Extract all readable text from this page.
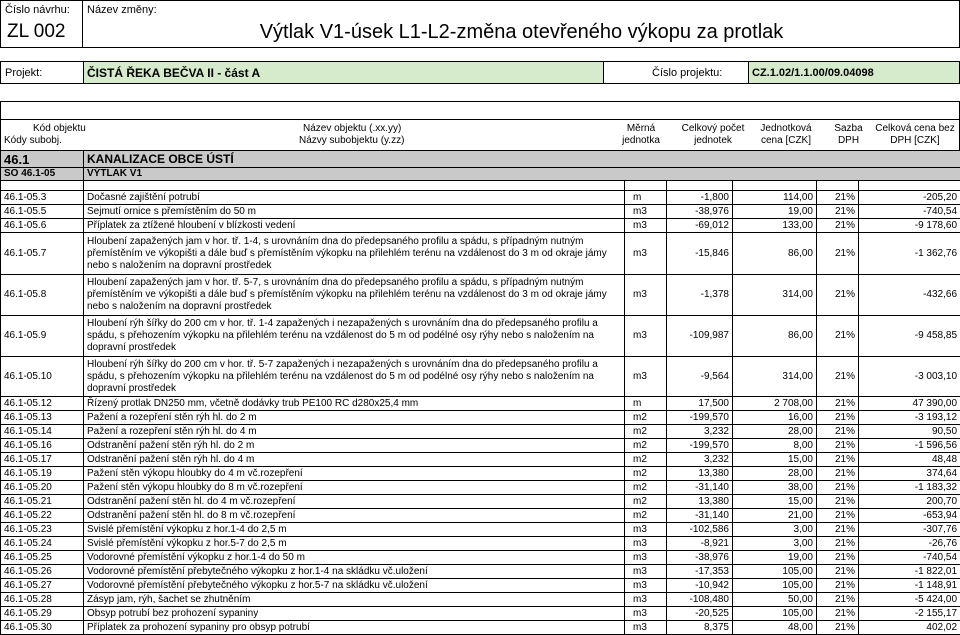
Číslo návrhu:
ZL 002
Název změny:
Výtlak V1-úsek L1-L2-změna otevřeného výkopu za protlak
Projekt:	ČISTÁ ŘEKA BEČVA II - část A	Číslo projektu:	CZ.1.02/1.1.00/09.04098
Kód objektu
Kódy subobj.
Název objektu (.xx.yy)
Názvy subobjektu (y.zz)
Měrná
jednotka
Celkový počet
jednotek
Jednotková
cena [CZK]
Sazba
DPH
Celková cena bez
DPH [CZK]
46.1	KANALIZACE OBCE ÚSTÍ					
SO 46.1-05	VÝTLAK V1					

46.1-05.3	Dočasné zajištění potrubí	m	-1,800	114,00	21%	-205,20
46.1-05.5	Sejmutí ornice s přemístěním do 50 m	m3	-38,976	19,00	21%	-740,54
46.1-05.6	Příplatek za ztížené hloubení v blízkosti vedení	m3	-69,012	133,00	21%	-9 178,60
46.1-05.7	Hloubení zapažených jam v hor. tř. 1-4, s urovnáním dna do předepsaného profilu a spádu, s případným nutným přemístěním ve výkopišti a dále buď s přemístěním výkopku na přilehlém terénu na vzdálenost do 3 m od okraje jámy nebo s naložením na dopravní prostředek	m3	-15,846	86,00	21%	-1 362,76
46.1-05.8	Hloubení zapažených jam v hor. tř. 5-7, s urovnáním dna do předepsaného profilu a spádu, s případným nutným přemístěním ve výkopišti a dále buď s přemístěním výkopku na přilehlém terénu na vzdálenost do 3 m od okraje jámy nebo s naložením na dopravní prostředek	m3	-1,378	314,00	21%	-432,66
46.1-05.9	Hloubení rýh šířky do 200 cm v hor. tř. 1-4 zapažených i nezapažených s urovnáním dna do předepsaného profilu a spádu, s přehozením výkopku na přilehlém terénu na vzdálenost do 5 m od podélné osy rýhy nebo s naložením na dopravní prostředek	m3	-109,987	86,00	21%	-9 458,85
46.1-05.10	Hloubení rýh šířky do 200 cm v hor. tř. 5-7 zapažených i nezapažených s urovnáním dna do předepsaného profilu a spádu, s přehozením výkopku na přilehlém terénu na vzdálenost do 5 m od podélné osy rýhy nebo s naložením na dopravní prostředek	m3	-9,564	314,00	21%	-3 003,10
46.1-05.12	Řízený protlak DN250 mm, včetně dodávky trub PE100 RC d280x25,4 mm	m	17,500	2 708,00	21%	47 390,00
46.1-05.13	Pažení a rozepření stěn rýh hl. do 2 m	m2	-199,570	16,00	21%	-3 193,12
46.1-05.14	Pažení a rozepření stěn rýh hl. do 4 m	m2	3,232	28,00	21%	90,50
46.1-05.16	Odstranění pažení stěn rýh hl. do 2 m	m2	-199,570	8,00	21%	-1 596,56
46.1-05.17	Odstranění pažení stěn rýh hl. do 4 m	m2	3,232	15,00	21%	48,48
46.1-05.19	Pažení stěn výkopu hloubky do 4 m vč.rozepření	m2	13,380	28,00	21%	374,64
46.1-05.20	Pažení stěn výkopu hloubky do 8 m vč.rozepření	m2	-31,140	38,00	21%	-1 183,32
46.1-05.21	Odstranění pažení stěn hl. do 4 m vč.rozepření	m2	13,380	15,00	21%	200,70
46.1-05.22	Odstranění pažení stěn hl. do 8 m vč.rozepření	m2	-31,140	21,00	21%	-653,94
46.1-05.23	Svislé přemístění výkopku z hor.1-4 do 2,5 m	m3	-102,586	3,00	21%	-307,76
46.1-05.24	Svislé přemístění výkopku z hor.5-7 do 2,5 m	m3	-8,921	3,00	21%	-26,76
46.1-05.25	Vodorovné přemístění výkopku z hor.1-4 do 50 m	m3	-38,976	19,00	21%	-740,54
46.1-05.26	Vodorovné přemístění přebytečného výkopku z hor.1-4 na skládku vč.uložení	m3	-17,353	105,00	21%	-1 822,01
46.1-05.27	Vodorovné přemístění přebytečného výkopku z hor.5-7 na skládku vč.uložení	m3	-10,942	105,00	21%	-1 148,91
46.1-05.28	Zásyp jam, rýh, šachet se zhutněním	m3	-108,480	50,00	21%	-5 424,00
46.1-05.29	Obsyp potrubí bez prohození sypaniny	m3	-20,525	105,00	21%	-2 155,17
46.1-05.30	Příplatek za prohození sypaniny pro obsyp potrubí	m3	8,375	48,00	21%	402,02
